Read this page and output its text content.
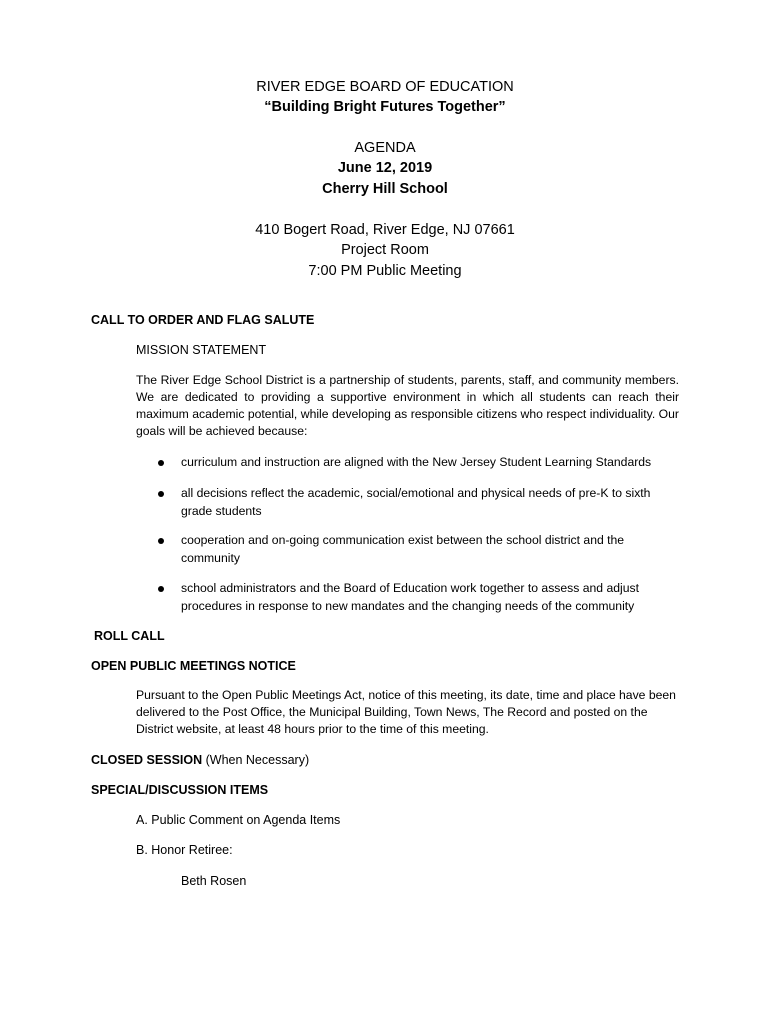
RIVER EDGE BOARD OF EDUCATION
“Building Bright Futures Together”
AGENDA
June 12, 2019
Cherry Hill School
410 Bogert Road, River Edge, NJ 07661
Project Room
7:00 PM Public Meeting
CALL TO ORDER AND FLAG SALUTE
MISSION STATEMENT
The River Edge School District is a partnership of students, parents, staff, and community members. We are dedicated to providing a supportive environment in which all students can reach their maximum academic potential, while developing as responsible citizens who respect individuality. Our goals will be achieved because:
curriculum and instruction are aligned with the New Jersey Student Learning Standards
all decisions reflect the academic, social/emotional and physical needs of pre-K to sixth grade students
cooperation and on-going communication exist between the school district and the community
school administrators and the Board of Education work together to assess and adjust procedures in response to new mandates and the changing needs of the community
ROLL CALL
OPEN PUBLIC MEETINGS NOTICE
Pursuant to the Open Public Meetings Act, notice of this meeting, its date, time and place have been delivered to the Post Office, the Municipal Building, Town News, The Record and posted on the District website, at least 48 hours prior to the time of this meeting.
CLOSED SESSION (When Necessary)
SPECIAL/DISCUSSION ITEMS
A. Public Comment on Agenda Items
B. Honor Retiree:
Beth Rosen
